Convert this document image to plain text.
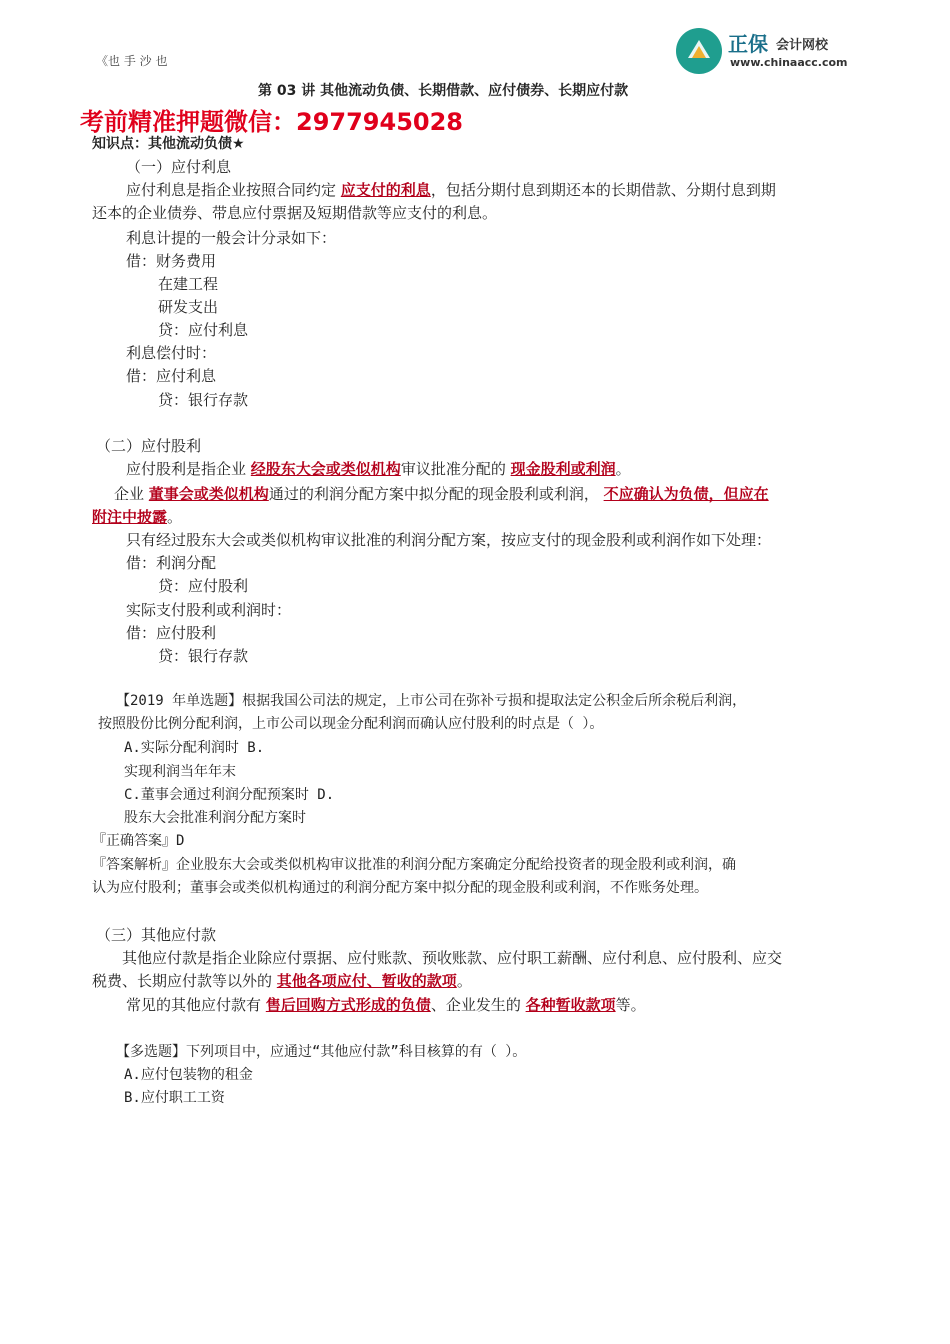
《也 手 沙 也
正保 会计网校
www.chinaacc.com
第 03 讲 其他流动负债、长期借款、应付债券、长期应付款
考前精准押题微信：2977945028
知识点：其他流动负债★
（一）应付利息
应付利息是指企业按照合同约定 应支付的利息，包括分期付息到期还本的长期借款、分期付息到期
还本的企业债券、带息应付票据及短期借款等应支付的利息。
利息计提的一般会计分录如下：
借：财务费用
在建工程
研发支出
贷：应付利息
利息偿付时：
借：应付利息
贷：银行存款
（二）应付股利
应付股利是指企业 经股东大会或类似机构审议批准分配的 现金股利或利润。
企业 董事会或类似机构通过的利润分配方案中拟分配的现金股利或利润， 不应确认为负债，但应在
附注中披露。
只有经过股东大会或类似机构审议批准的利润分配方案，按应支付的现金股利或利润作如下处理：
借：利润分配
贷：应付股利
实际支付股利或利润时：
借：应付股利
贷：银行存款
【2019 年单选题】根据我国公司法的规定，上市公司在弥补亏损和提取法定公积金后所余税后利润，
按照股份比例分配利润，上市公司以现金分配利润而确认应付股利的时点是（ ）。
A.实际分配利润时 B.
实现利润当年年末
C.董事会通过利润分配预案时 D.
股东大会批准利润分配方案时
『正确答案』D
『答案解析』企业股东大会或类似机构审议批准的利润分配方案确定分配给投资者的现金股利或利润，确
认为应付股利；董事会或类似机构通过的利润分配方案中拟分配的现金股利或利润，不作账务处理。
（三）其他应付款
其他应付款是指企业除应付票据、应付账款、预收账款、应付职工薪酬、应付利息、应付股利、应交
税费、长期应付款等以外的 其他各项应付、暂收的款项。
常见的其他应付款有 售后回购方式形成的负债、企业发生的 各种暂收款项等。
【多选题】下列项目中，应通过“其他应付款”科目核算的有（ ）。
A.应付包装物的租金
B.应付职工工资
